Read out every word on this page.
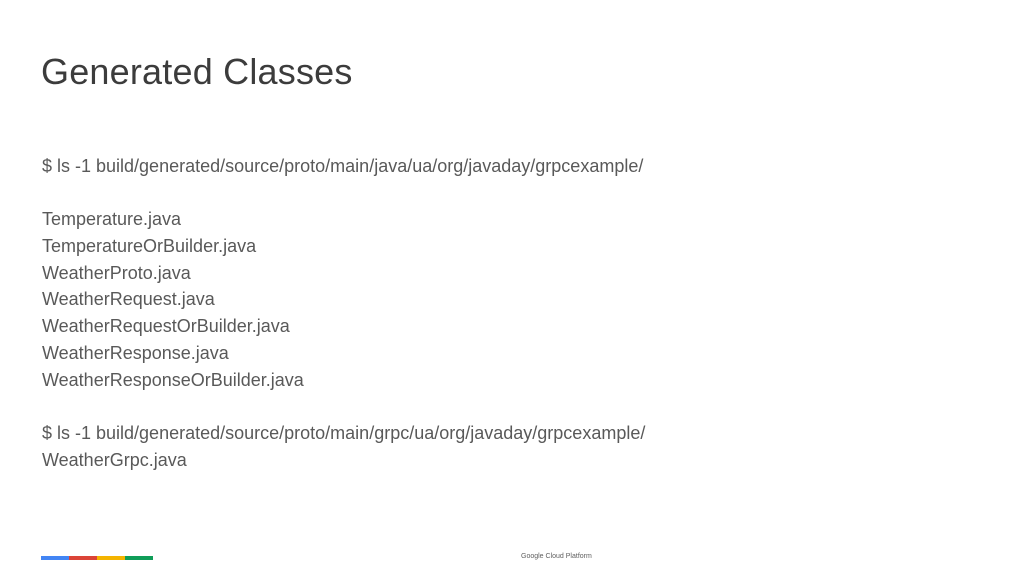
Generated Classes
$ ls -1 build/generated/source/proto/main/java/ua/org/javaday/grpcexample/
Temperature.java
TemperatureOrBuilder.java
WeatherProto.java
WeatherRequest.java
WeatherRequestOrBuilder.java
WeatherResponse.java
WeatherResponseOrBuilder.java
$ ls -1 build/generated/source/proto/main/grpc/ua/org/javaday/grpcexample/
WeatherGrpc.java
Google Cloud Platform
